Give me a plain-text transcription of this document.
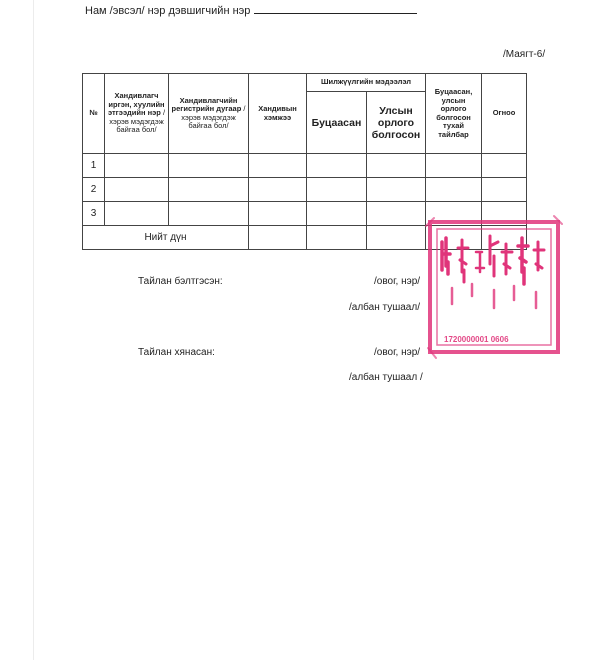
Нам /эвсэл/ нэр дэвшигчийн нэр
/Маягт-6/
№	Хандивлагч иргэн, хуулийн этгээдийн нэр /хэрэв мэдэгдэж байгаа бол/	Хандивлагчийн регистрийн дугаар /хэрэв мэдэгдэж байгаа бол/	Хандивын хэмжээ	Шилжүүлгийн мэдээлэл		Буцаасан, улсын орлого болгосон тухай тайлбар	Огноо
				Буцаасан	Улсын орлого болгосон		
1							
2							
3							
Нийт дүн							
Тайлан бэлтгэсэн:	/овог, нэр/
/албан тушаал/
Тайлан хянасан:	/овог, нэр/
/албан тушаал /
1720000001 0606
